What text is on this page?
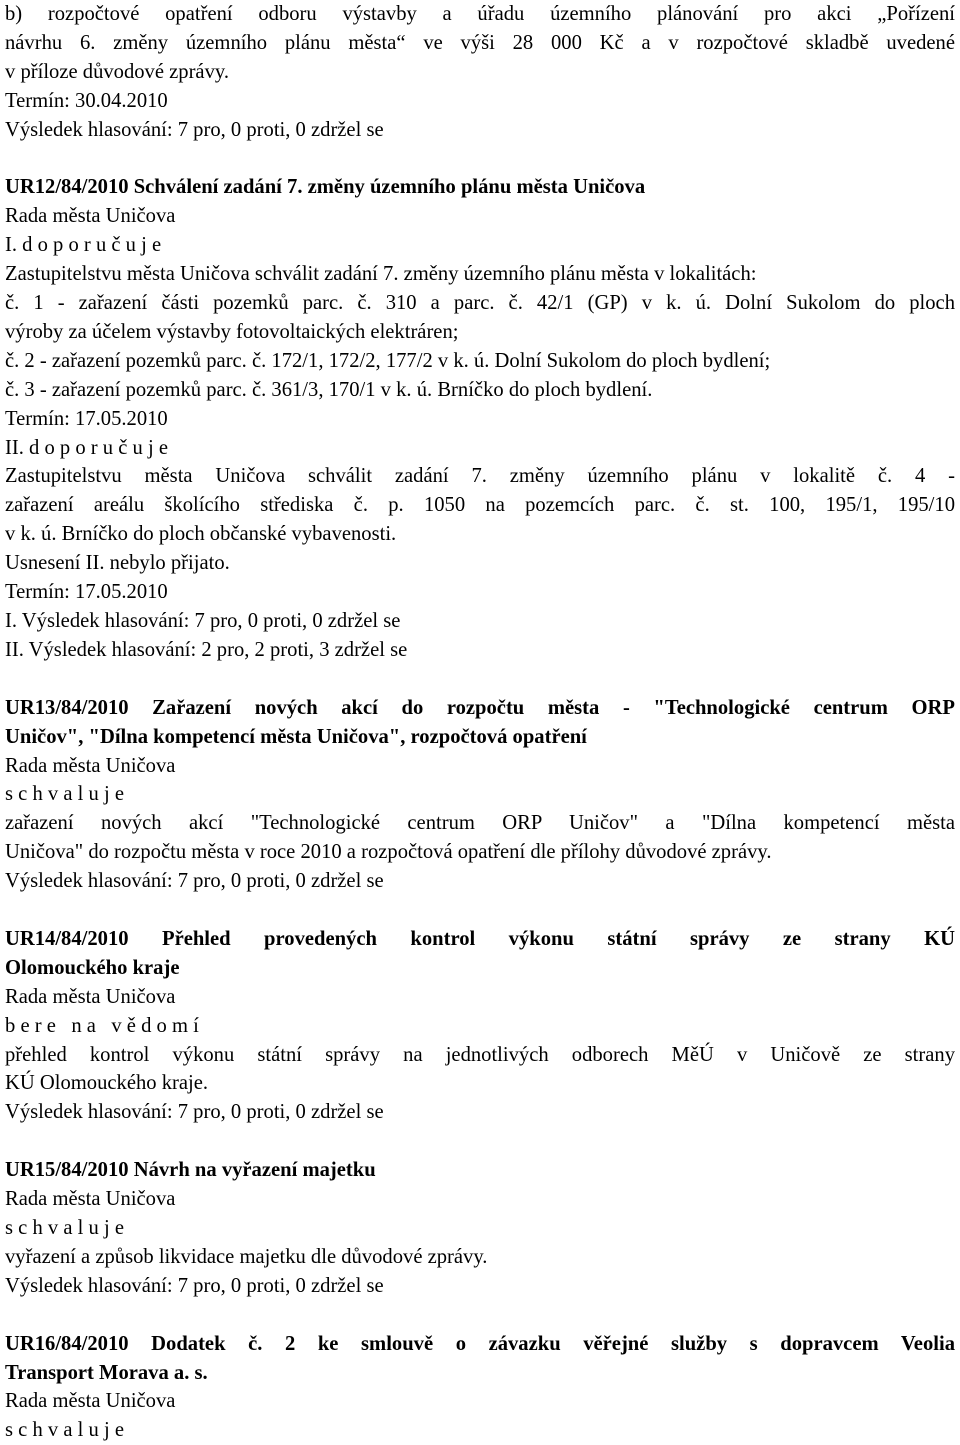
b) rozpočtové opatření odboru výstavby a úřadu územního plánování pro akci „Pořízení
návrhu 6. změny územního plánu města“ ve výši 28 000 Kč a v rozpočtové skladbě uvedené
v příloze důvodové zprávy.
Termín: 30.04.2010
Výsledek hlasování: 7 pro, 0 proti, 0 zdržel se
UR12/84/2010 Schválení zadání 7. změny územního plánu města Uničova
Rada města Uničova
I. d o p o r u č u j e
Zastupitelstvu města Uničova schválit zadání 7. změny územního plánu města v lokalitách:
č. 1 - zařazení části pozemků parc. č. 310 a parc. č. 42/1 (GP) v k. ú. Dolní Sukolom do ploch
výroby za účelem výstavby fotovoltaických elektráren;
č. 2 - zařazení pozemků parc. č. 172/1, 172/2, 177/2 v k. ú. Dolní Sukolom do ploch bydlení;
č. 3 - zařazení pozemků parc. č. 361/3, 170/1 v k. ú. Brníčko do ploch bydlení.
Termín: 17.05.2010
II. d o p o r u č u j e
Zastupitelstvu města Uničova schválit zadání 7. změny územního plánu v lokalitě č. 4 -
zařazení areálu školícího střediska č. p. 1050 na pozemcích parc. č. st. 100, 195/1, 195/10
v k. ú. Brníčko do ploch občanské vybavenosti.
Usnesení II. nebylo přijato.
Termín: 17.05.2010
I. Výsledek hlasování: 7 pro, 0 proti, 0 zdržel se
II. Výsledek hlasování: 2 pro, 2 proti, 3 zdržel se
UR13/84/2010 Zařazení nových akcí do rozpočtu města - "Technologické centrum ORP
Uničov", "Dílna kompetencí města Uničova", rozpočtová opatření
Rada města Uničova
s c h v a l u j e
zařazení nových akcí "Technologické centrum ORP Uničov" a "Dílna kompetencí města
Uničova" do rozpočtu města v roce 2010 a rozpočtová opatření dle přílohy důvodové zprávy.
Výsledek hlasování: 7 pro, 0 proti, 0 zdržel se
UR14/84/2010 Přehled provedených kontrol výkonu státní správy ze strany KÚ
Olomouckého kraje
Rada města Uničova
b e r e   n a   v ě d o m í
přehled kontrol výkonu státní správy na jednotlivých odborech MěÚ v Uničově ze strany
KÚ Olomouckého kraje.
Výsledek hlasování: 7 pro, 0 proti, 0 zdržel se
UR15/84/2010 Návrh na vyřazení majetku
Rada města Uničova
s c h v a l u j e
vyřazení a způsob likvidace majetku dle důvodové zprávy.
Výsledek hlasování: 7 pro, 0 proti, 0 zdržel se
UR16/84/2010 Dodatek č. 2 ke smlouvě o závazku věřejné služby s dopravcem Veolia
Transport Morava a. s.
Rada města Uničova
s c h v a l u j e
